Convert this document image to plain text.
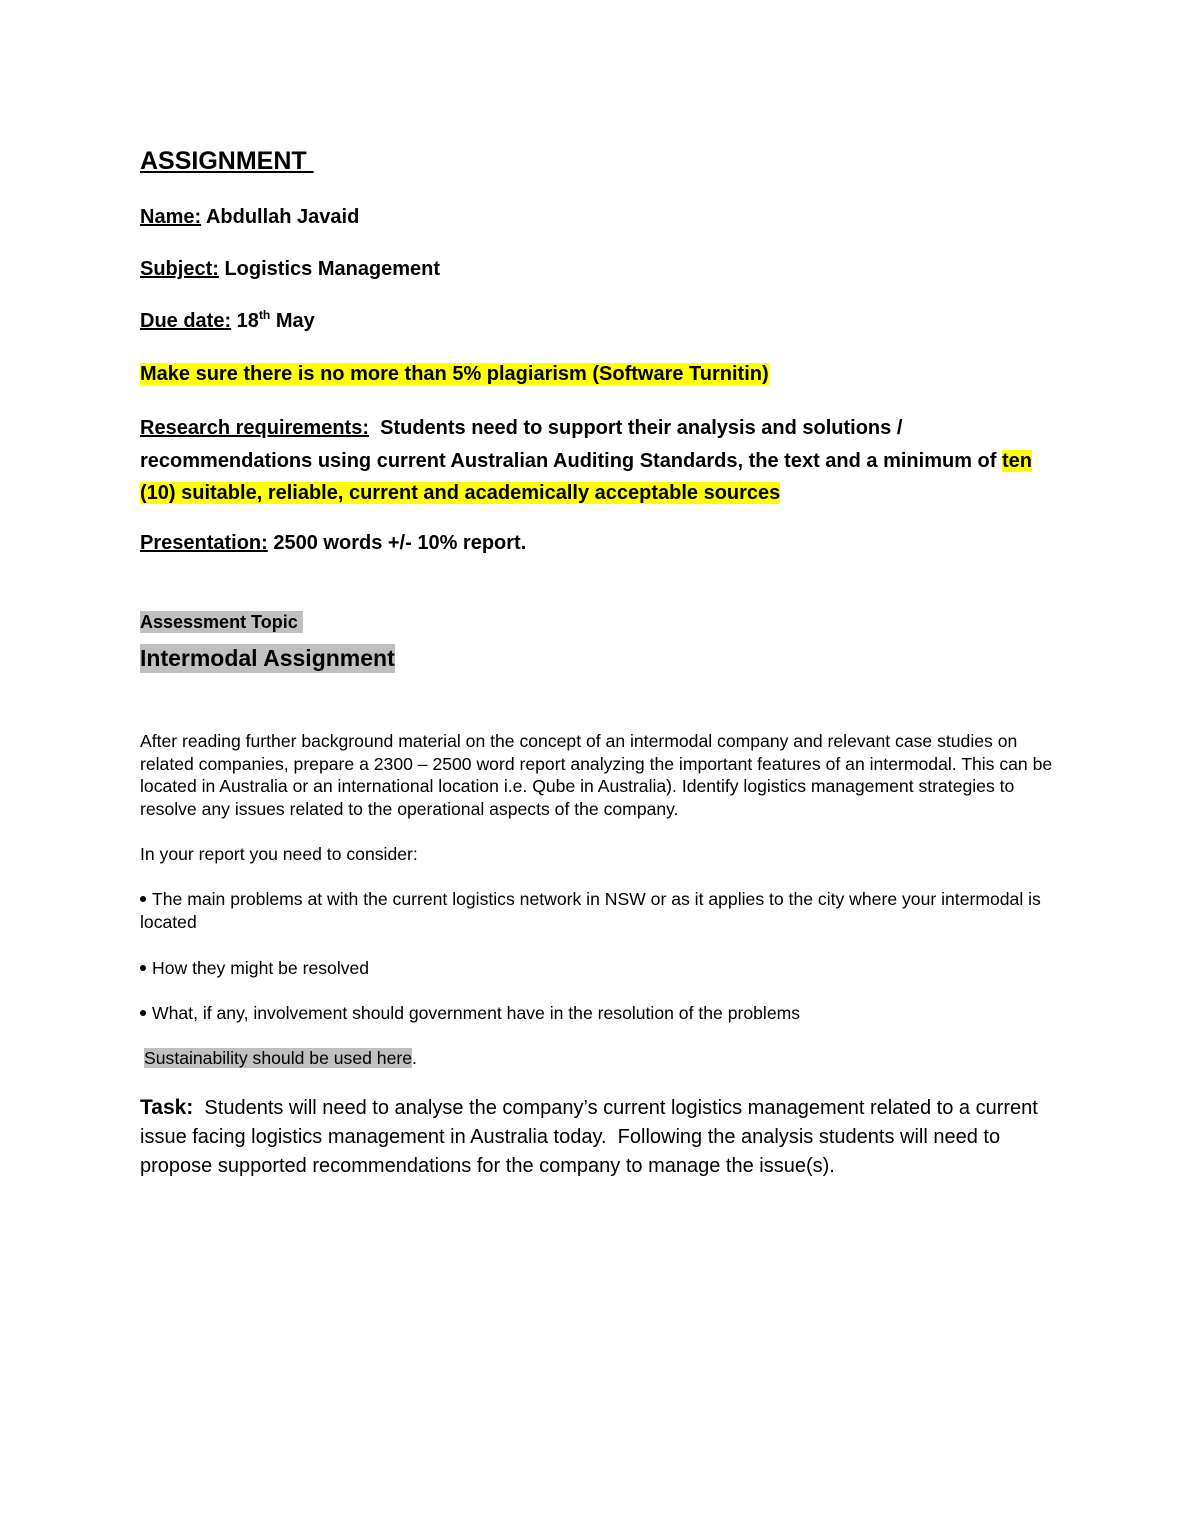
ASSIGNMENT
Name: Abdullah Javaid
Subject: Logistics Management
Due date: 18th May
Make sure there is no more than 5% plagiarism (Software Turnitin)
Research requirements:  Students need to support their analysis and solutions / recommendations using current Australian Auditing Standards, the text and a minimum of ten (10) suitable, reliable, current and academically acceptable sources
Presentation: 2500 words +/- 10% report.
Assessment Topic
Intermodal Assignment
After reading further background material on the concept of an intermodal company and relevant case studies on related companies, prepare a 2300 – 2500 word report analyzing the important features of an intermodal. This can be located in Australia or an international location i.e. Qube in Australia). Identify logistics management strategies to resolve any issues related to the operational aspects of the company.
In your report you need to consider:
The main problems at with the current logistics network in NSW or as it applies to the city where your intermodal is located
How they might be resolved
What, if any, involvement should government have in the resolution of the problems
Sustainability should be used here.
Task:  Students will need to analyse the company’s current logistics management related to a current issue facing logistics management in Australia today.  Following the analysis students will need to propose supported recommendations for the company to manage the issue(s).
